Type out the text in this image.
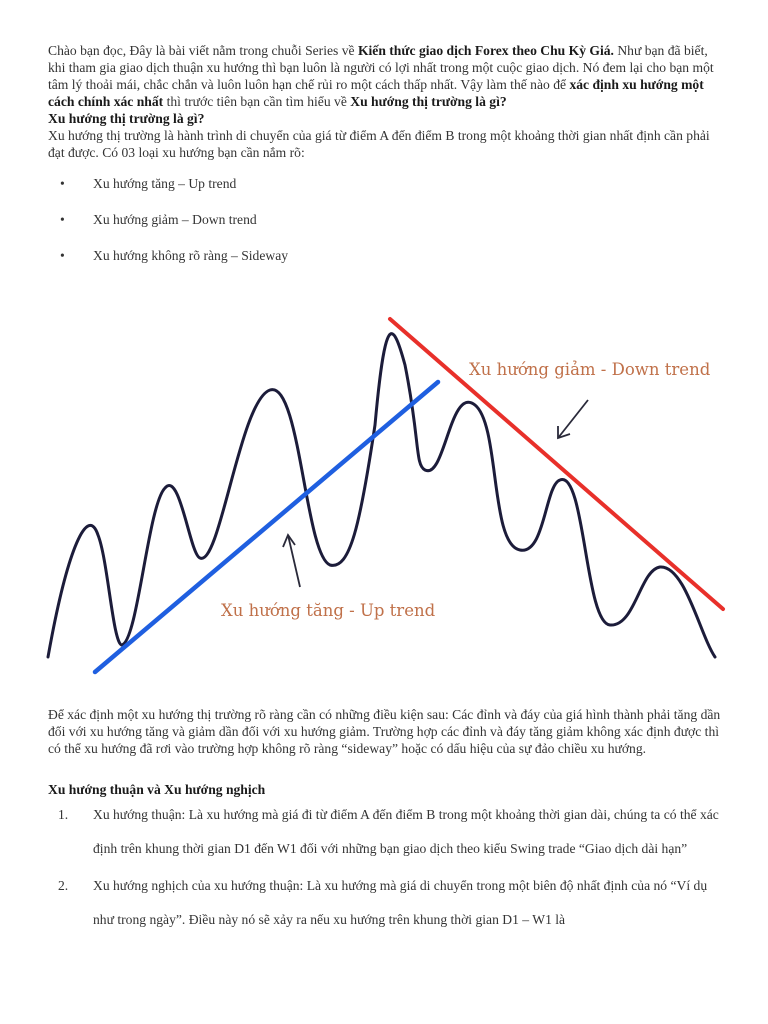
Chào bạn đọc, Đây là bài viết nằm trong chuỗi Series về Kiến thức giao dịch Forex theo Chu Kỳ Giá. Như bạn đã biết, khi tham gia giao dịch thuận xu hướng thì bạn luôn là người có lợi nhất trong một cuộc giao dịch. Nó đem lại cho bạn một tâm lý thoải mái, chắc chắn và luôn luôn hạn chế rủi ro một cách thấp nhất. Vậy làm thế nào để xác định xu hướng một cách chính xác nhất thì trước tiên bạn cần tìm hiểu về Xu hướng thị trường là gì?

Xu hướng thị trường là gì?

Xu hướng thị trường là hành trình di chuyển của giá từ điểm A đến điểm B trong một khoảng thời gian nhất định cần phải đạt được. Có 03 loại xu hướng bạn cần nắm rõ:

• Xu hướng tăng – Up trend
• Xu hướng giảm – Down trend
• Xu hướng không rõ ràng – Sideway
Xu hướng giảm - Down trend
Xu hướng tăng - Up trend

Để xác định một xu hướng thị trường rõ ràng cần có những điều kiện sau: Các đỉnh và đáy của giá hình thành phải tăng dần đối với xu hướng tăng và giảm dần đối với xu hướng giảm. Trường hợp các đỉnh và đáy tăng giảm không xác định được thì có thể xu hướng đã rơi vào trường hợp không rõ ràng “sideway” hoặc có dấu hiệu của sự đảo chiều xu hướng.

Xu hướng thuận và Xu hướng nghịch

1. Xu hướng thuận: Là xu hướng mà giá đi từ điểm A đến điểm B trong một khoảng thời gian dài, chúng ta có thể xác định trên khung thời gian D1 đến W1 đối với những bạn giao dịch theo kiểu Swing trade “Giao dịch dài hạn”
2. Xu hướng nghịch của xu hướng thuận: Là xu hướng mà giá di chuyển trong một biên độ nhất định của nó “Ví dụ như trong ngày”. Điều này nó sẽ xảy ra nếu xu hướng trên khung thời gian D1 – W1 là
